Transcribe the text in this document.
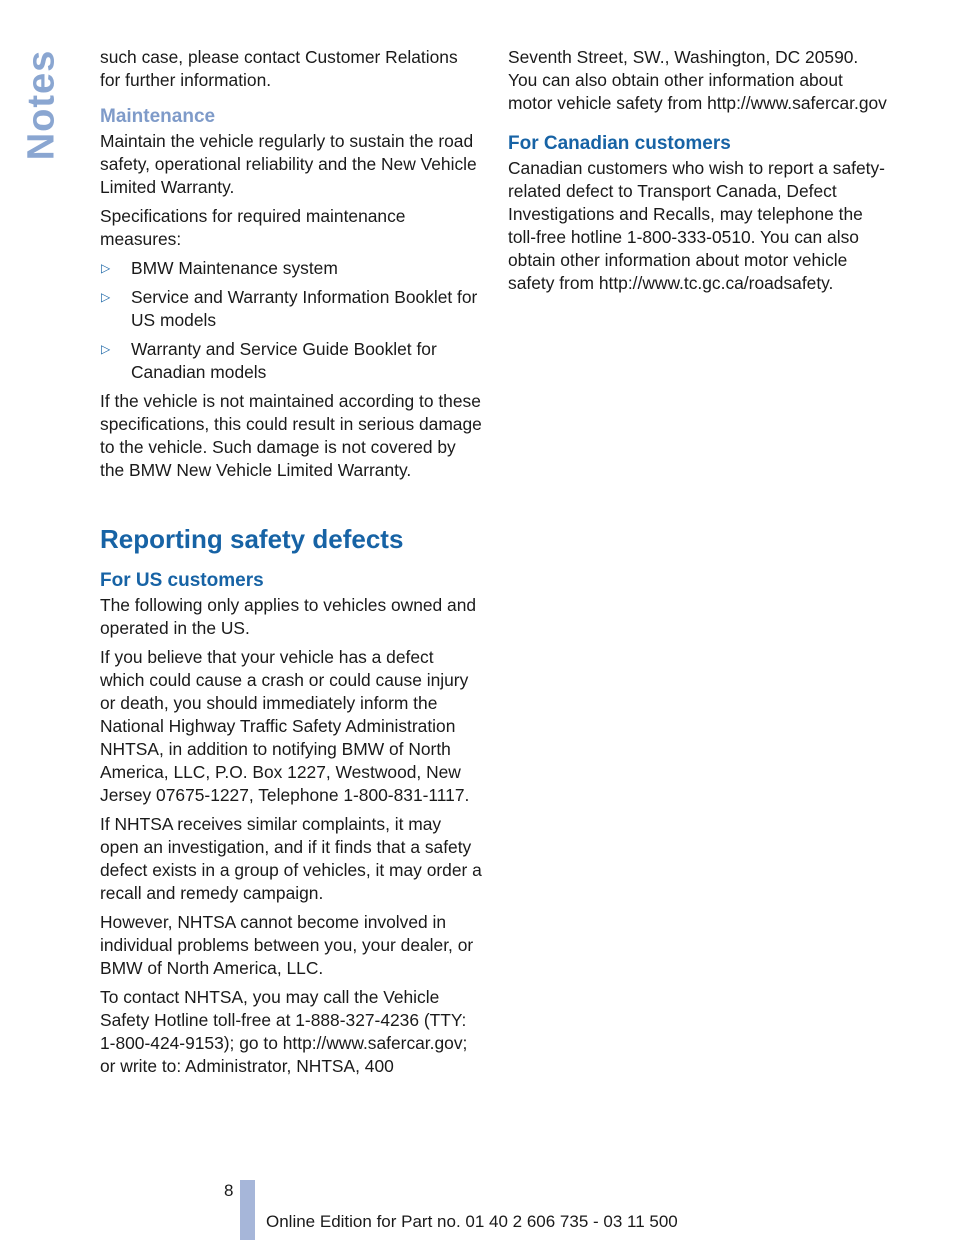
Notes such case, please contact Customer Relations for further information.

Maintenance

Maintain the vehicle regularly to sustain the road safety, operational reliability and the New Vehicle Limited Warranty.

Specifications for required maintenance measures:

▷ BMW Maintenance system
▷ Service and Warranty Information Booklet for US models
▷ Warranty and Service Guide Booklet for Canadian models

If the vehicle is not maintained according to these specifications, this could result in serious damage to the vehicle. Such damage is not covered by the BMW New Vehicle Limited Warranty.

Reporting safety defects
For US customers

The following only applies to vehicles owned and operated in the US.

If you believe that your vehicle has a defect which could cause a crash or could cause injury or death, you should immediately inform the National Highway Traffic Safety Administration NHTSA, in addition to notifying BMW of North America, LLC, P.O. Box 1227, Westwood, New Jersey 07675-1227, Telephone 1-800-831-1117.

If NHTSA receives similar complaints, it may open an investigation, and if it finds that a safety defect exists in a group of vehicles, it may order a recall and remedy campaign.

However, NHTSA cannot become involved in individual problems between you, your dealer, or BMW of North America, LLC.

To contact NHTSA, you may call the Vehicle Safety Hotline toll-free at 1-888-327-4236 (TTY: 1-800-424-9153); go to http://www.safercar.gov; or write to: Administrator, NHTSA, 400

Seventh Street, SW., Washington, DC 20590. You can also obtain other information about motor vehicle safety from http://www.safercar.gov

For Canadian customers

Canadian customers who wish to report a safety- related defect to Transport Canada, Defect Investigations and Recalls, may telephone the toll-free hotline 1-800-333-0510. You can also obtain other information about motor vehicle safety from http://www.tc.gc.ca/roadsafety.

8
Online Edition for Part no. 01 40 2 606 735 - 03 11 500
